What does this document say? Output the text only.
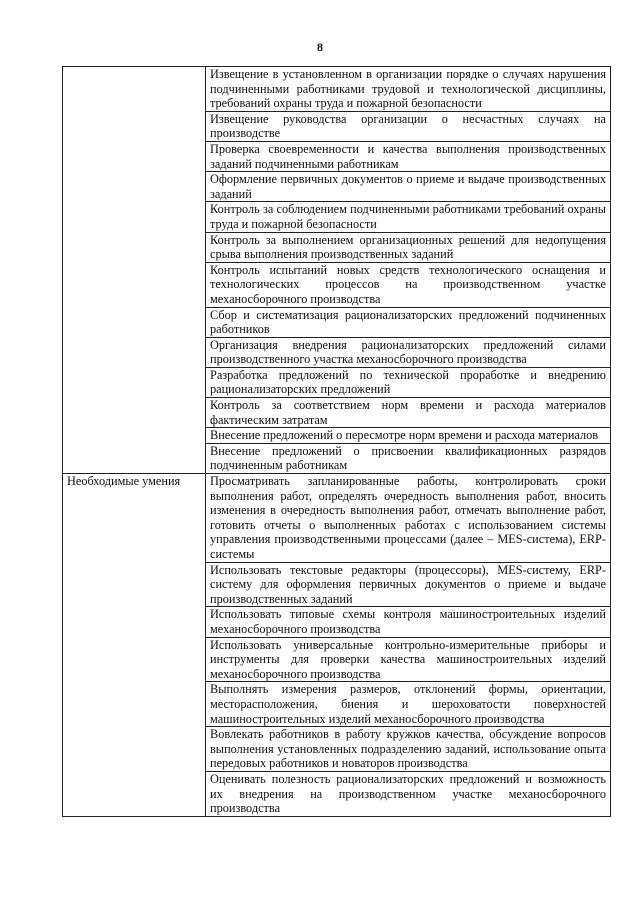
8
	Извещение в установленном в организации порядке о случаях нарушения подчиненными работниками трудовой и технологической дисциплины, требований охраны труда и пожарной безопасности
	Извещение руководства организации о несчастных случаях на производстве
	Проверка своевременности и качества выполнения производственных заданий подчиненными работникам
	Оформление первичных документов о приеме и выдаче производственных заданий
	Контроль за соблюдением подчиненными работниками требований охраны труда и пожарной безопасности
	Контроль за выполнением организационных решений для недопущения срыва выполнения производственных заданий
	Контроль испытаний новых средств технологического оснащения и технологических процессов на производственном участке механосборочного производства
	Сбор и систематизация рационализаторских предложений подчиненных работников
	Организация внедрения рационализаторских предложений силами производственного участка механосборочного производства
	Разработка предложений по технической проработке и внедрению рационализаторских предложений
	Контроль за соответствием норм времени и расхода материалов фактическим затратам
	Внесение предложений о пересмотре норм времени и расхода материалов
	Внесение предложений о присвоении квалификационных разрядов подчиненным работникам
Необходимые умения	Просматривать запланированные работы, контролировать сроки выполнения работ, определять очередность выполнения работ, вносить изменения в очередность выполнения работ, отмечать выполнение работ, готовить отчеты о выполненных работах с использованием системы управления производственными процессами (далее – MES-система), ERP-системы
	Использовать текстовые редакторы (процессоры), MES-систему, ERP-систему для оформления первичных документов о приеме и выдаче производственных заданий
	Использовать типовые схемы контроля машиностроительных изделий механосборочного производства
	Использовать универсальные контрольно-измерительные приборы и инструменты для проверки качества машиностроительных изделий механосборочного производства
	Выполнять измерения размеров, отклонений формы, ориентации, месторасположения, биения и шероховатости поверхностей машиностроительных изделий механосборочного производства
	Вовлекать работников в работу кружков качества, обсуждение вопросов выполнения установленных подразделению заданий, использование опыта передовых работников и новаторов производства
	Оценивать полезность рационализаторских предложений и возможность их внедрения на производственном участке механосборочного производства
